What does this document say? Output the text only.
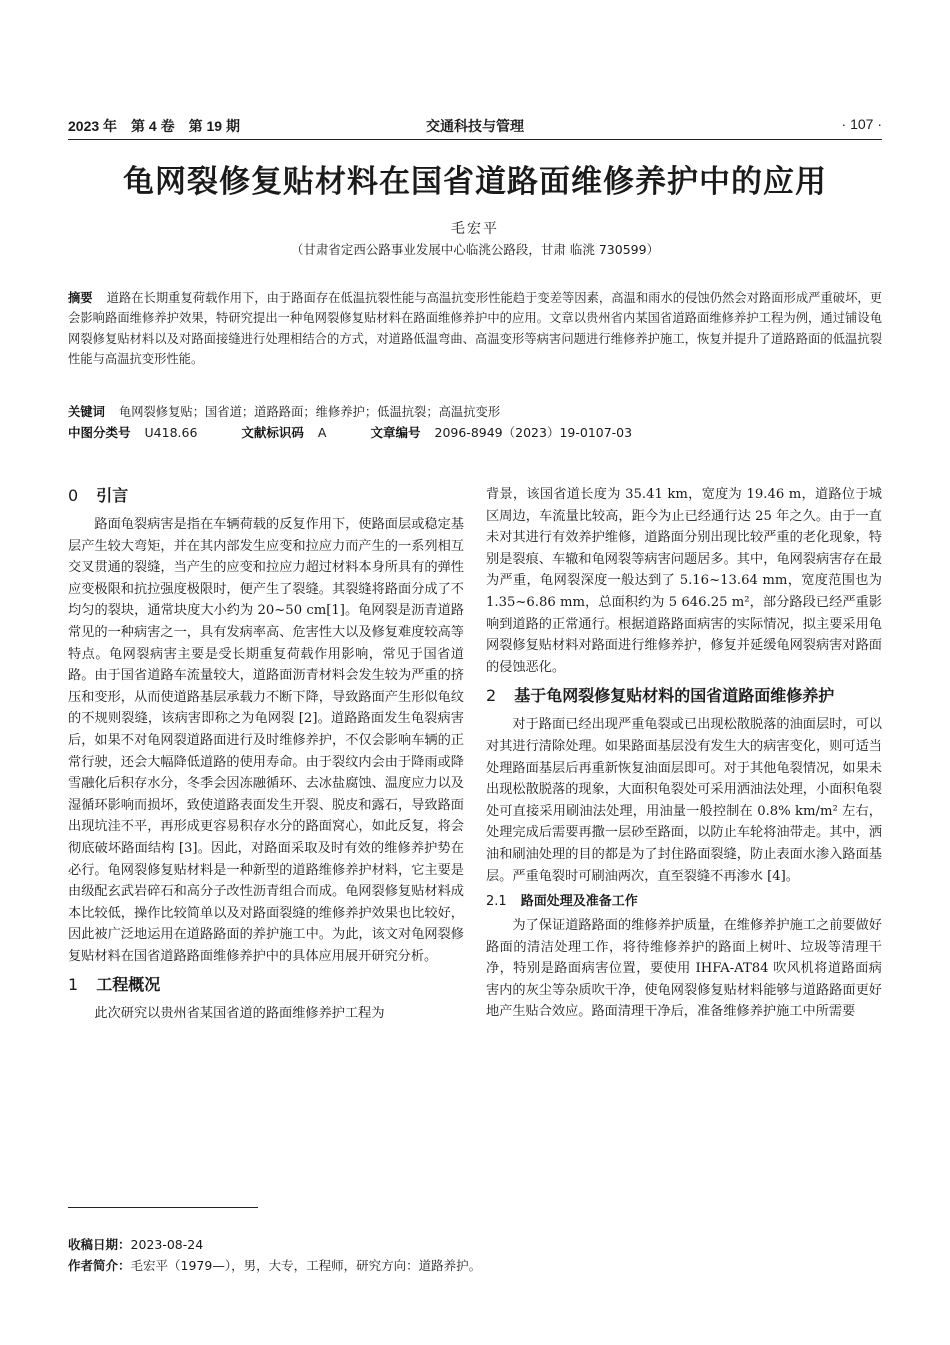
2023 年　第 4 卷　第 19 期	交通科技与管理	· 107 ·
龟网裂修复贴材料在国省道路面维修养护中的应用
毛宏平
（甘肃省定西公路事业发展中心临洮公路段，甘肃 临洮 730599）
摘要 道路在长期重复荷载作用下，由于路面存在低温抗裂性能与高温抗变形性能趋于变差等因素，高温和雨水的侵蚀仍然会对路面形成严重破坏，更会影响路面维修养护效果，特研究提出一种龟网裂修复贴材料在路面维修养护中的应用。文章以贵州省内某国省道路面维修养护工程为例，通过铺设龟网裂修复贴材料以及对路面接缝进行处理相结合的方式，对道路低温弯曲、高温变形等病害问题进行维修养护施工，恢复并提升了道路路面的低温抗裂性能与高温抗变形性能。
关键词 龟网裂修复贴；国省道；道路路面；维修养护；低温抗裂；高温抗变形
中图分类号 U418.66	文献标识码 A	文章编号 2096-8949（2023）19-0107-03
0 引言

路面龟裂病害是指在车辆荷载的反复作用下，使路面层或稳定基层产生较大弯矩，并在其内部发生应变和拉应力而产生的一系列相互交叉贯通的裂缝，当产生的应变和拉应力超过材料本身所具有的弹性应变极限和抗拉强度极限时，便产生了裂缝。其裂缝将路面分成了不均匀的裂块，通常块度大小约为 20~50 cm[1]。龟网裂是沥青道路常见的一种病害之一，具有发病率高、危害性大以及修复难度较高等特点。龟网裂病害主要是受长期重复荷载作用影响，常见于国省道路。由于国省道路车流量较大，道路面沥青材料会发生较为严重的挤压和变形，从而使道路基层承载力不断下降，导致路面产生形似龟纹的不规则裂缝，该病害即称之为龟网裂 [2]。道路路面发生龟裂病害后，如果不对龟网裂道路面进行及时维修养护，不仅会影响车辆的正常行驶，还会大幅降低道路的使用寿命。由于裂纹内会由于降雨或降雪融化后积存水分，冬季会因冻融循环、去冰盐腐蚀、温度应力以及湿循环影响而损坏，致使道路表面发生开裂、脱皮和露石，导致路面出现坑洼不平，再形成更容易积存水分的路面窝心，如此反复，将会彻底破坏路面结构 [3]。因此，对路面采取及时有效的维修养护势在必行。龟网裂修复贴材料是一种新型的道路维修养护材料，它主要是由级配玄武岩碎石和高分子改性沥青组合而成。龟网裂修复贴材料成本比较低，操作比较简单以及对路面裂缝的维修养护效果也比较好，因此被广泛地运用在道路路面的养护施工中。为此，该文对龟网裂修复贴材料在国省道路路面维修养护中的具体应用展开研究分析。

1 工程概况

此次研究以贵州省某国省道的路面维修养护工程为

背景，该国省道长度为 35.41 km，宽度为 19.46 m，道路位于城区周边，车流量比较高，距今为止已经通行达 25 年之久。由于一直未对其进行有效养护维修，道路面分别出现比较严重的老化现象，特别是裂痕、车辙和龟网裂等病害问题居多。其中，龟网裂病害存在最为严重，龟网裂深度一般达到了 5.16~13.64 mm，宽度范围也为 1.35~6.86 mm，总面积约为 5 646.25 m²，部分路段已经严重影响到道路的正常通行。根据道路路面病害的实际情况，拟主要采用龟网裂修复贴材料对路面进行维修养护，修复并延缓龟网裂病害对路面的侵蚀恶化。

2 基于龟网裂修复贴材料的国省道路面维修养护

对于路面已经出现严重龟裂或已出现松散脱落的油面层时，可以对其进行清除处理。如果路面基层没有发生大的病害变化，则可适当处理路面基层后再重新恢复油面层即可。对于其他龟裂情况，如果未出现松散脱落的现象，大面积龟裂处可采用洒油法处理，小面积龟裂处可直接采用刷油法处理，用油量一般控制在 0.8% km/m² 左右，处理完成后需要再撒一层砂至路面，以防止车轮将油带走。其中，洒油和刷油处理的目的都是为了封住路面裂缝，防止表面水渗入路面基层。严重龟裂时可刷油两次，直至裂缝不再渗水 [4]。

2.1 路面处理及准备工作

为了保证道路路面的维修养护质量，在维修养护施工之前要做好路面的清洁处理工作，将待维修养护的路面上树叶、垃圾等清理干净，特别是路面病害位置，要使用 IHFA-AT84 吹风机将道路面病害内的灰尘等杂质吹干净，使龟网裂修复贴材料能够与道路路面更好地产生贴合效应。路面清理干净后，准备维修养护施工中所需要

收稿日期：2023-08-24
作者简介：毛宏平（1979—），男，大专，工程师，研究方向：道路养护。
